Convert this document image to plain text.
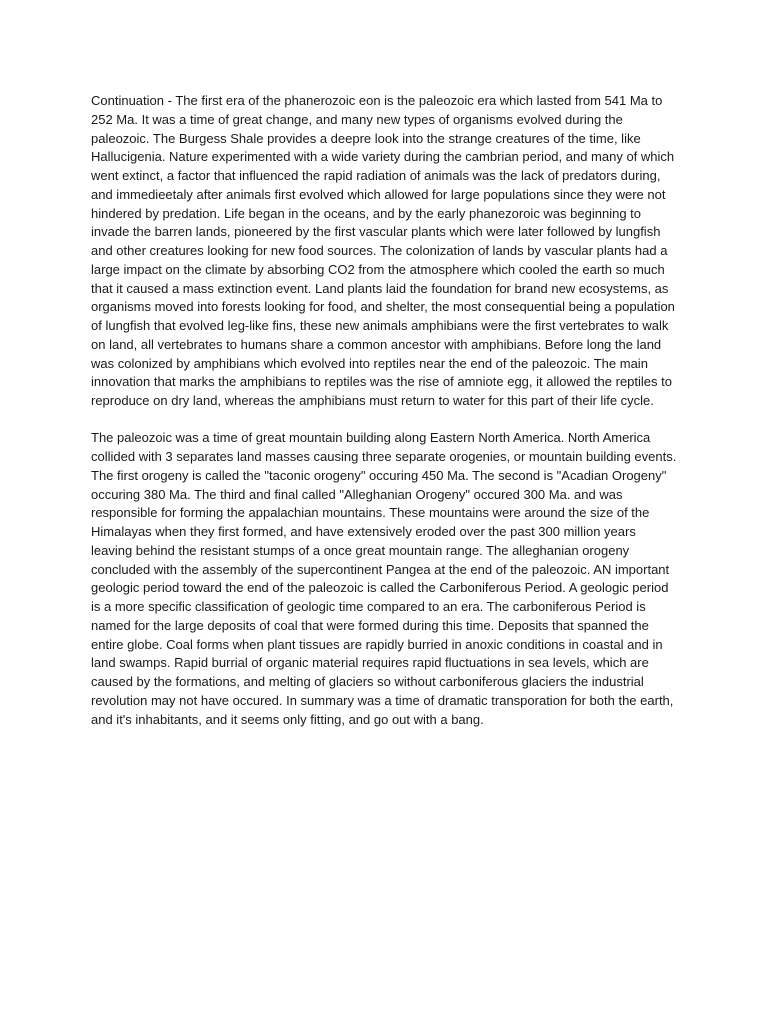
Continuation - The first era of the phanerozoic eon is the paleozoic era which lasted from 541 Ma to 252 Ma. It was a time of great change, and many new types of organisms evolved during the paleozoic. The Burgess Shale provides a deepre look into the strange creatures of the time, like Hallucigenia. Nature experimented with a wide variety during the cambrian period, and many of which went extinct, a factor that influenced the rapid radiation of animals was the lack of predators during, and immedieetaly after animals first evolved which allowed for large populations since they were not hindered by predation. Life began in the oceans, and by the early phanezoroic was beginning to invade the barren lands, pioneered by the first vascular plants which were later followed by lungfish and other creatures looking for new food sources. The colonization of lands by vascular plants had a large impact on the climate by absorbing CO2 from the atmosphere which cooled the earth so much that it caused a mass extinction event. Land plants laid the foundation for brand new ecosystems, as organisms moved into forests looking for food, and shelter, the most consequential being a population of lungfish that evolved leg-like fins, these new animals amphibians were the first vertebrates to walk on land, all vertebrates to humans share a common ancestor with amphibians. Before long the land was colonized by amphibians which evolved into reptiles near the end of the paleozoic. The main innovation that marks the amphibians to reptiles was the rise of amniote egg, it allowed the reptiles to reproduce on dry land, whereas the amphibians must return to water for this part of their life cycle.

The paleozoic was a time of great mountain building along Eastern North America. North America collided with 3 separates land masses causing three separate orogenies, or mountain building events. The first orogeny is called the "taconic orogeny" occuring 450 Ma. The second is "Acadian Orogeny" occuring 380 Ma. The third and final called "Alleghanian Orogeny" occured 300 Ma. and was responsible for forming the appalachian mountains. These mountains were around the size of the Himalayas when they first formed, and have extensively eroded over the past 300 million years leaving behind the resistant stumps of a once great mountain range. The alleghanian orogeny concluded with the assembly of the supercontinent Pangea at the end of the paleozoic. AN important geologic period toward the end of the paleozoic is called the Carboniferous Period. A geologic period is a more specific classification of geologic time compared to an era. The carboniferous Period is named for the large deposits of coal that were formed during this time. Deposits that spanned the entire globe. Coal forms when plant tissues are rapidly burried in anoxic conditions in coastal and in land swamps. Rapid burrial of organic material requires rapid fluctuations in sea levels, which are caused by the formations, and melting of glaciers so without carboniferous glaciers the industrial revolution may not have occured. In summary was a time of dramatic transporation for both the earth, and it's inhabitants, and it seems only fitting, and go out with a bang.
